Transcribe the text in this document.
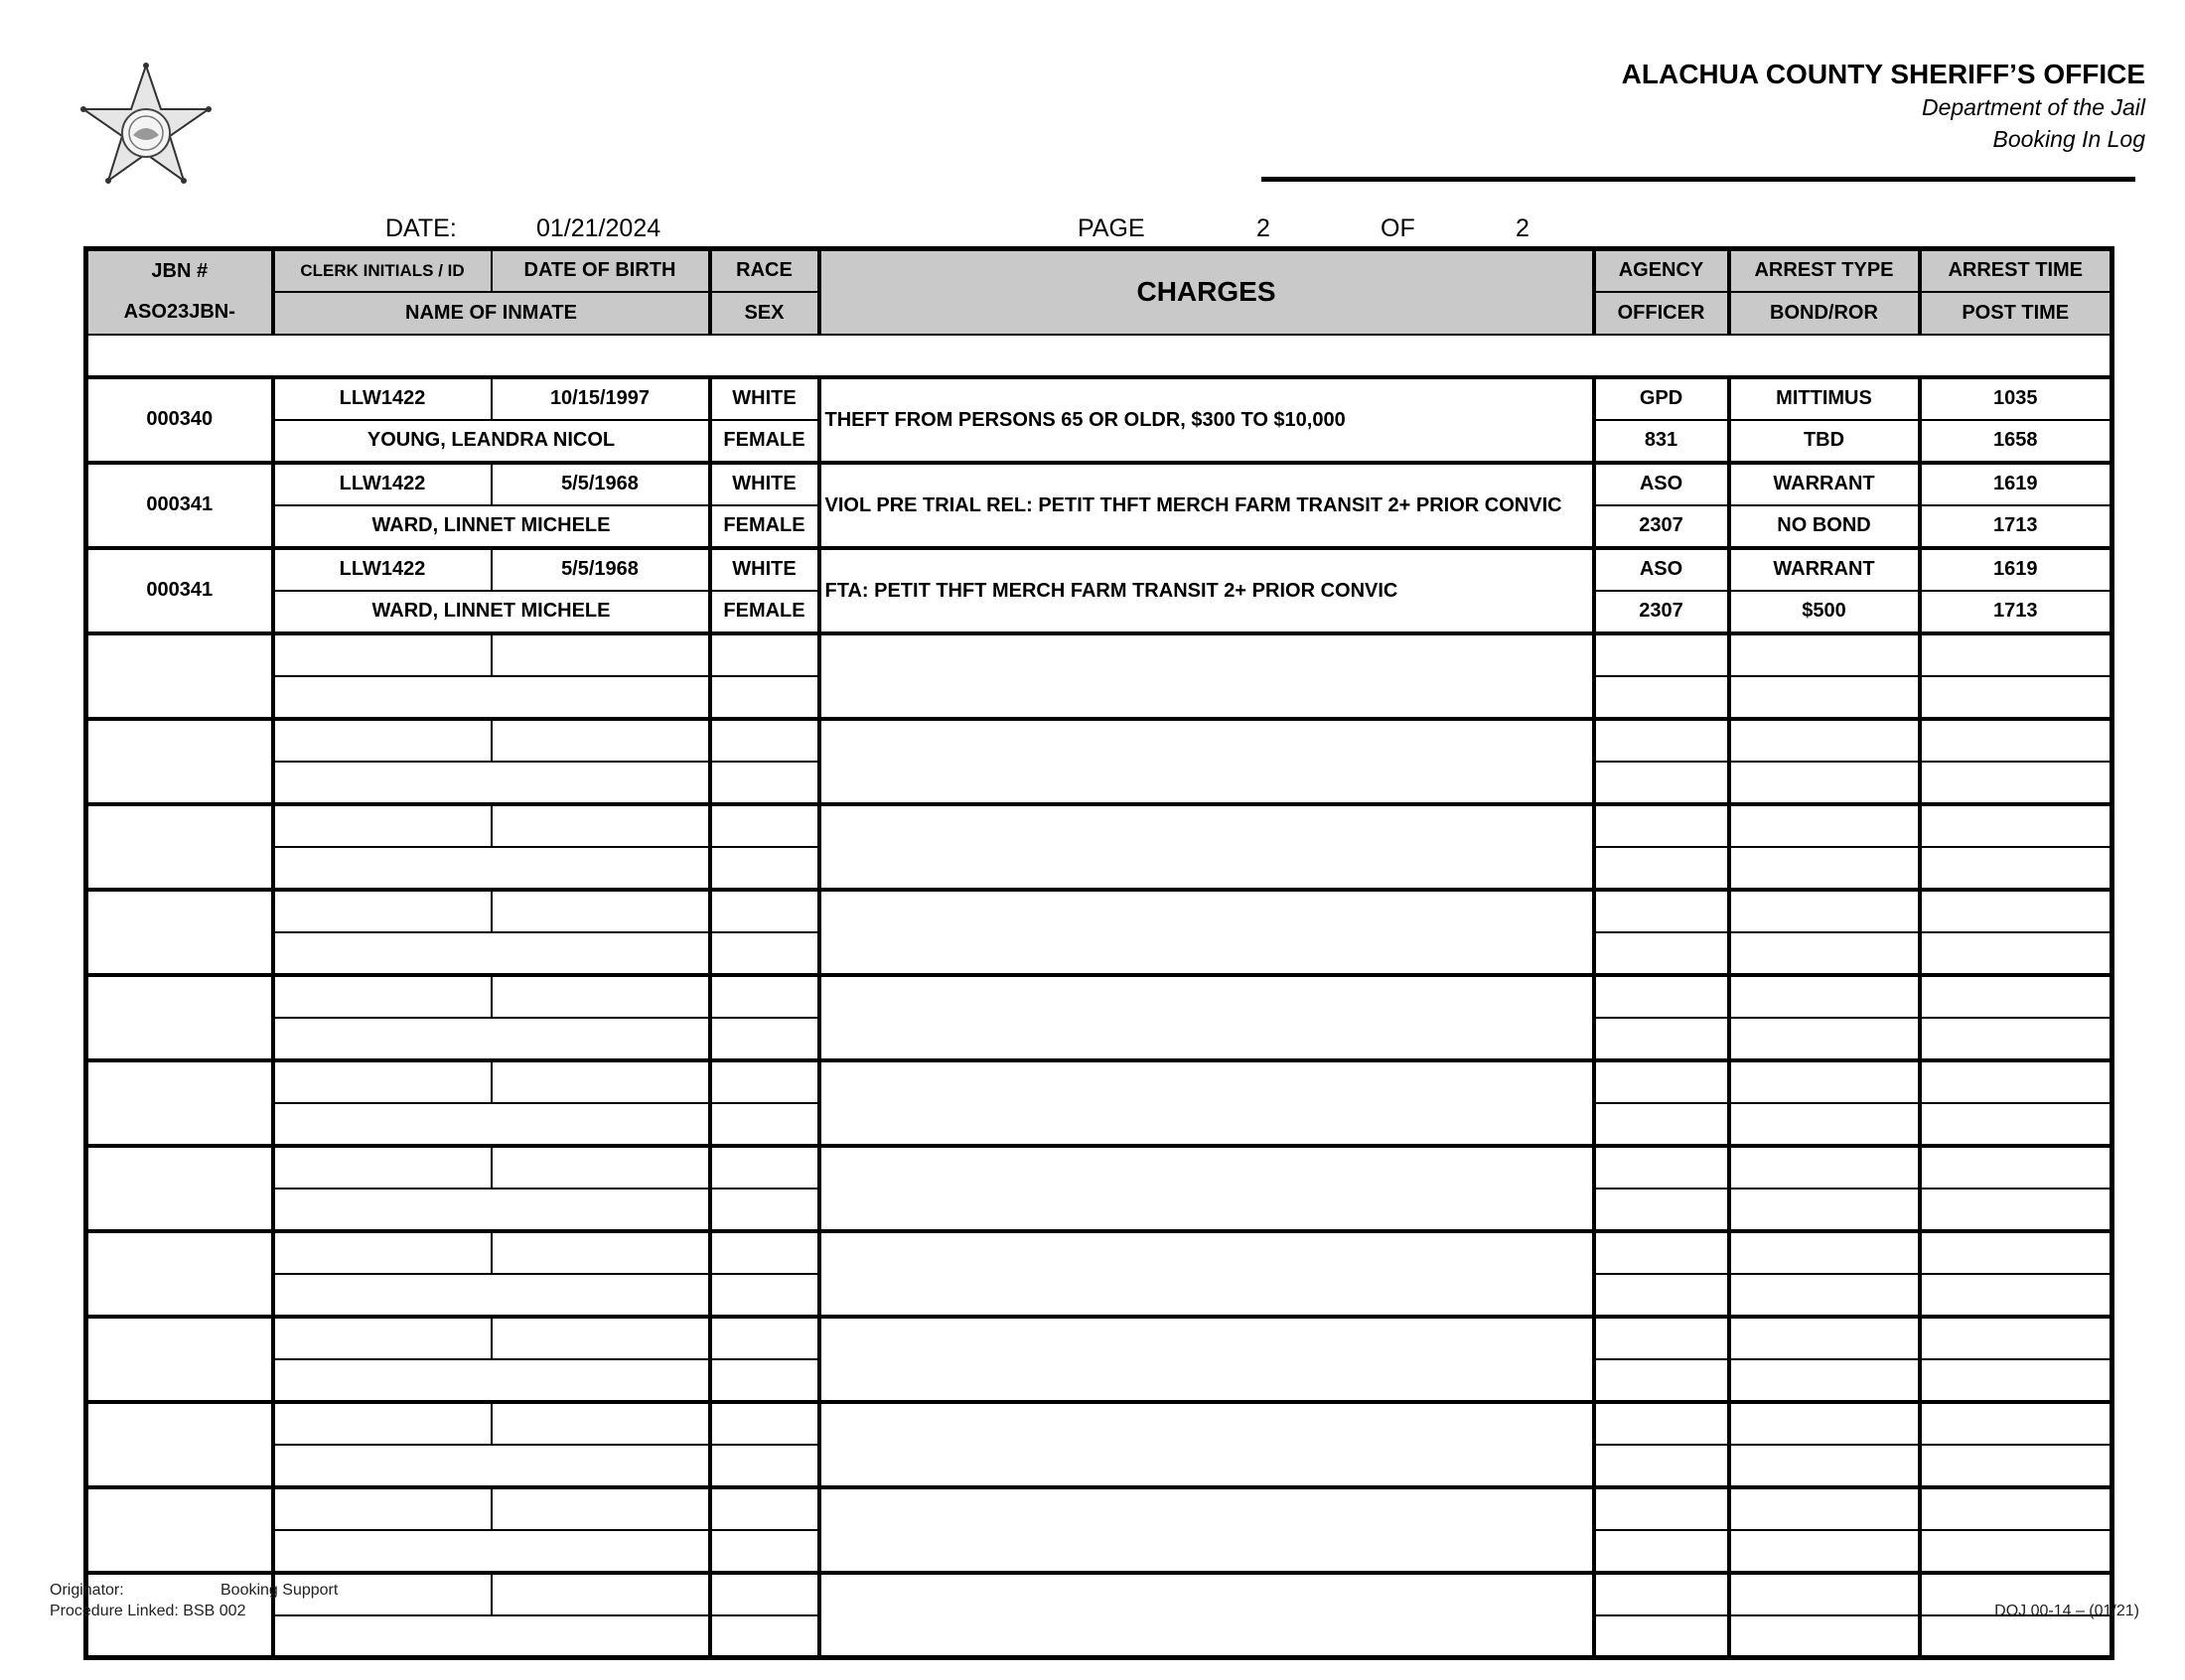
ALACHUA COUNTY SHERIFF’S OFFICE
Department of the Jail
Booking In Log
DATE:	01/21/2024	PAGE	2	OF	2
JBN #	CLERK INITIALS / ID	DATE OF BIRTH	RACE	CHARGES	AGENCY	ARREST TYPE	ARREST TIME
ASO23JBN-	NAME OF INMATE		SEX		OFFICER	BOND/ROR	POST TIME

000340	LLW1422	10/15/1997	WHITE	THEFT FROM PERSONS 65 OR OLDR, $300 TO $10,000	GPD	MITTIMUS	1035
	YOUNG, LEANDRA NICOL		FEMALE		831	TBD	1658
000341	LLW1422	5/5/1968	WHITE	VIOL PRE TRIAL REL: PETIT THFT MERCH FARM TRANSIT 2+ PRIOR CONVIC	ASO	WARRANT	1619
	WARD, LINNET MICHELE		FEMALE		2307	NO BOND	1713
000341	LLW1422	5/5/1968	WHITE	FTA: PETIT THFT MERCH FARM TRANSIT 2+ PRIOR CONVIC	ASO	WARRANT	1619
	WARD, LINNET MICHELE		FEMALE		2307	$500	1713

Originator:	Booking Support
Procedure Linked: BSB 002	DOJ 00-14 – (01/21)
